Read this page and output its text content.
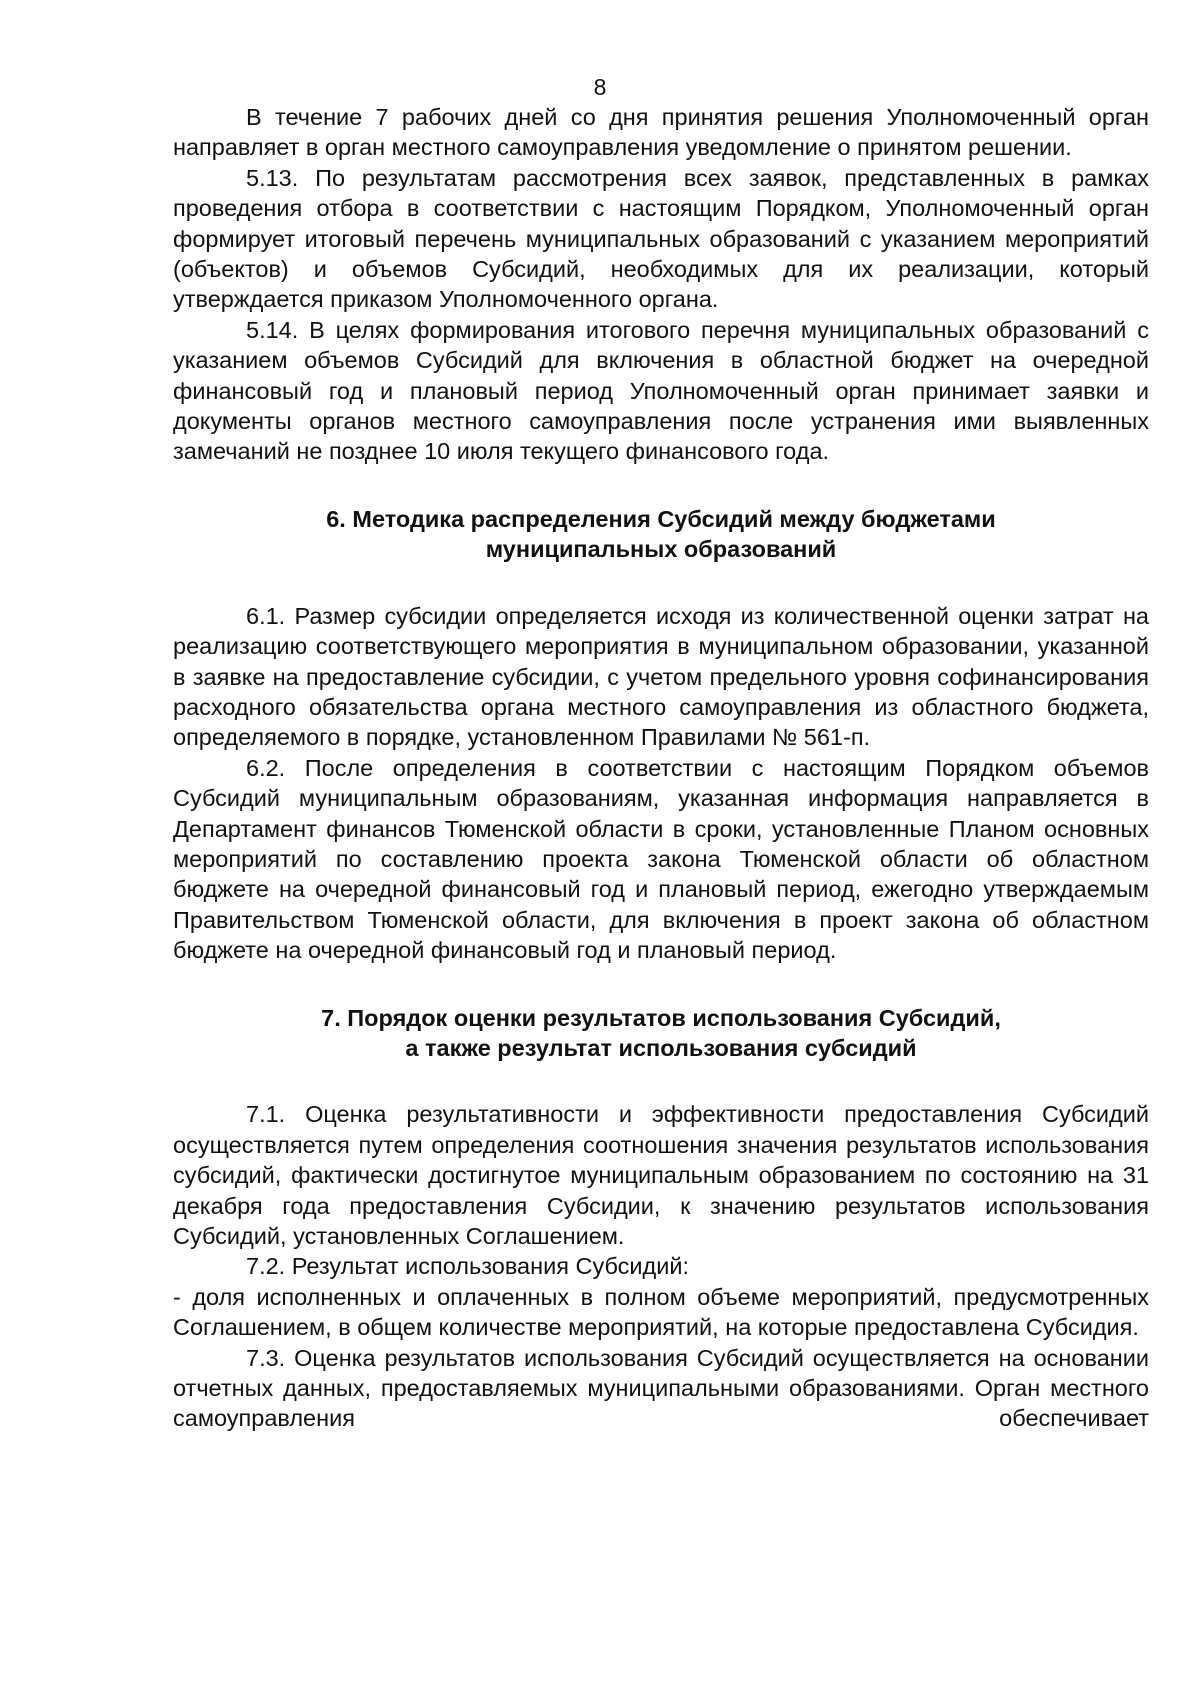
8

В течение 7 рабочих дней со дня принятия решения Уполномоченный орган направляет в орган местного самоуправления уведомление о принятом решении.

5.13. По результатам рассмотрения всех заявок, представленных в рамках проведения отбора в соответствии с настоящим Порядком, Уполномоченный орган формирует итоговый перечень муниципальных образований с указанием мероприятий (объектов) и объемов Субсидий, необходимых для их реализации, который утверждается приказом Уполномоченного органа.

5.14. В целях формирования итогового перечня муниципальных образований с указанием объемов Субсидий для включения в областной бюджет на очередной финансовый год и плановый период Уполномоченный орган принимает заявки и документы органов местного самоуправления после устранения ими выявленных замечаний не позднее 10 июля текущего финансового года.

6. Методика распределения Субсидий между бюджетами
муниципальных образований

6.1. Размер субсидии определяется исходя из количественной оценки затрат на реализацию соответствующего мероприятия в муниципальном образовании, указанной в заявке на предоставление субсидии, с учетом предельного уровня софинансирования расходного обязательства органа местного самоуправления из областного бюджета, определяемого в порядке, установленном Правилами № 561-п.

6.2. После определения в соответствии с настоящим Порядком объемов Субсидий муниципальным образованиям, указанная информация направляется в Департамент финансов Тюменской области в сроки, установленные Планом основных мероприятий по составлению проекта закона Тюменской области об областном бюджете на очередной финансовый год и плановый период, ежегодно утверждаемым Правительством Тюменской области, для включения в проект закона об областном бюджете на очередной финансовый год и плановый период.

7. Порядок оценки результатов использования Субсидий,
а также результат использования субсидий

7.1. Оценка результативности и эффективности предоставления Субсидий осуществляется путем определения соотношения значения результатов использования субсидий, фактически достигнутое муниципальным образованием по состоянию на 31 декабря года предоставления Субсидии, к значению результатов использования Субсидий, установленных Соглашением.

7.2. Результат использования Субсидий:

- доля исполненных и оплаченных в полном объеме мероприятий, предусмотренных Соглашением, в общем количестве мероприятий, на которые предоставлена Субсидия.

7.3. Оценка результатов использования Субсидий осуществляется на основании отчетных данных, предоставляемых муниципальными образованиями. Орган местного самоуправления обеспечивает
